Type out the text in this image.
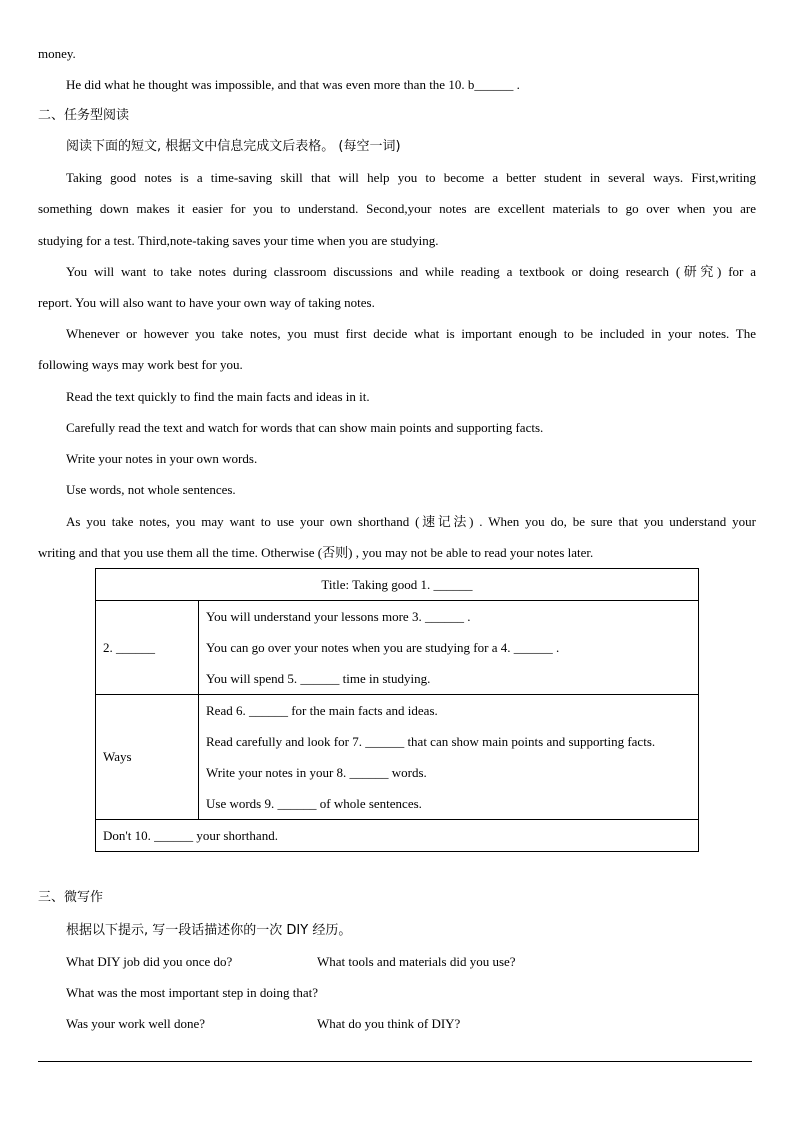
money.
He did what he thought was impossible, and that was even more than the 10. b______ .
二、任务型阅读
阅读下面的短文, 根据文中信息完成文后表格。 (每空一词)
Taking good notes is a time-saving skill that will help you to become a better student in several ways. First,writing
something down makes it easier for you to understand. Second,your notes are excellent materials to go over when you are
studying for a test. Third,note-taking saves your time when you are studying.
You will want to take notes during classroom discussions and while reading a textbook or doing research (研究) for a
report. You will also want to have your own way of taking notes.
Whenever or however you take notes, you must first decide what is important enough to be included in your notes. The
following ways may work best for you.
Read the text quickly to find the main facts and ideas in it.
Carefully read the text and watch for words that can show main points and supporting facts.
Write your notes in your own words.
Use words, not whole sentences.
As you take notes, you may want to use your own shorthand (速记法) . When you do, be sure that you understand your
writing and that you use them all the time. Otherwise (否则) , you may not be able to read your notes later.
Title: Taking good 1. ______	
2. ______	You will understand your lessons more 3. ______ .
You can go over your notes when you are studying for a 4. ______ .
You will spend 5. ______ time in studying.

Ways	Read 6. ______ for the main facts and ideas.
Read carefully and look for 7. ______ that can show main points and supporting facts.
Write your notes in your 8. ______ words.
Use words 9. ______ of whole sentences.

Don't 10. ______ your shorthand.	
三、微写作
根据以下提示, 写一段话描述你的一次 DIY 经历。
What DIY job did you once do?	What tools and materials did you use?
What was the most important step in doing that?
Was your work well done?	What do you think of DIY?
